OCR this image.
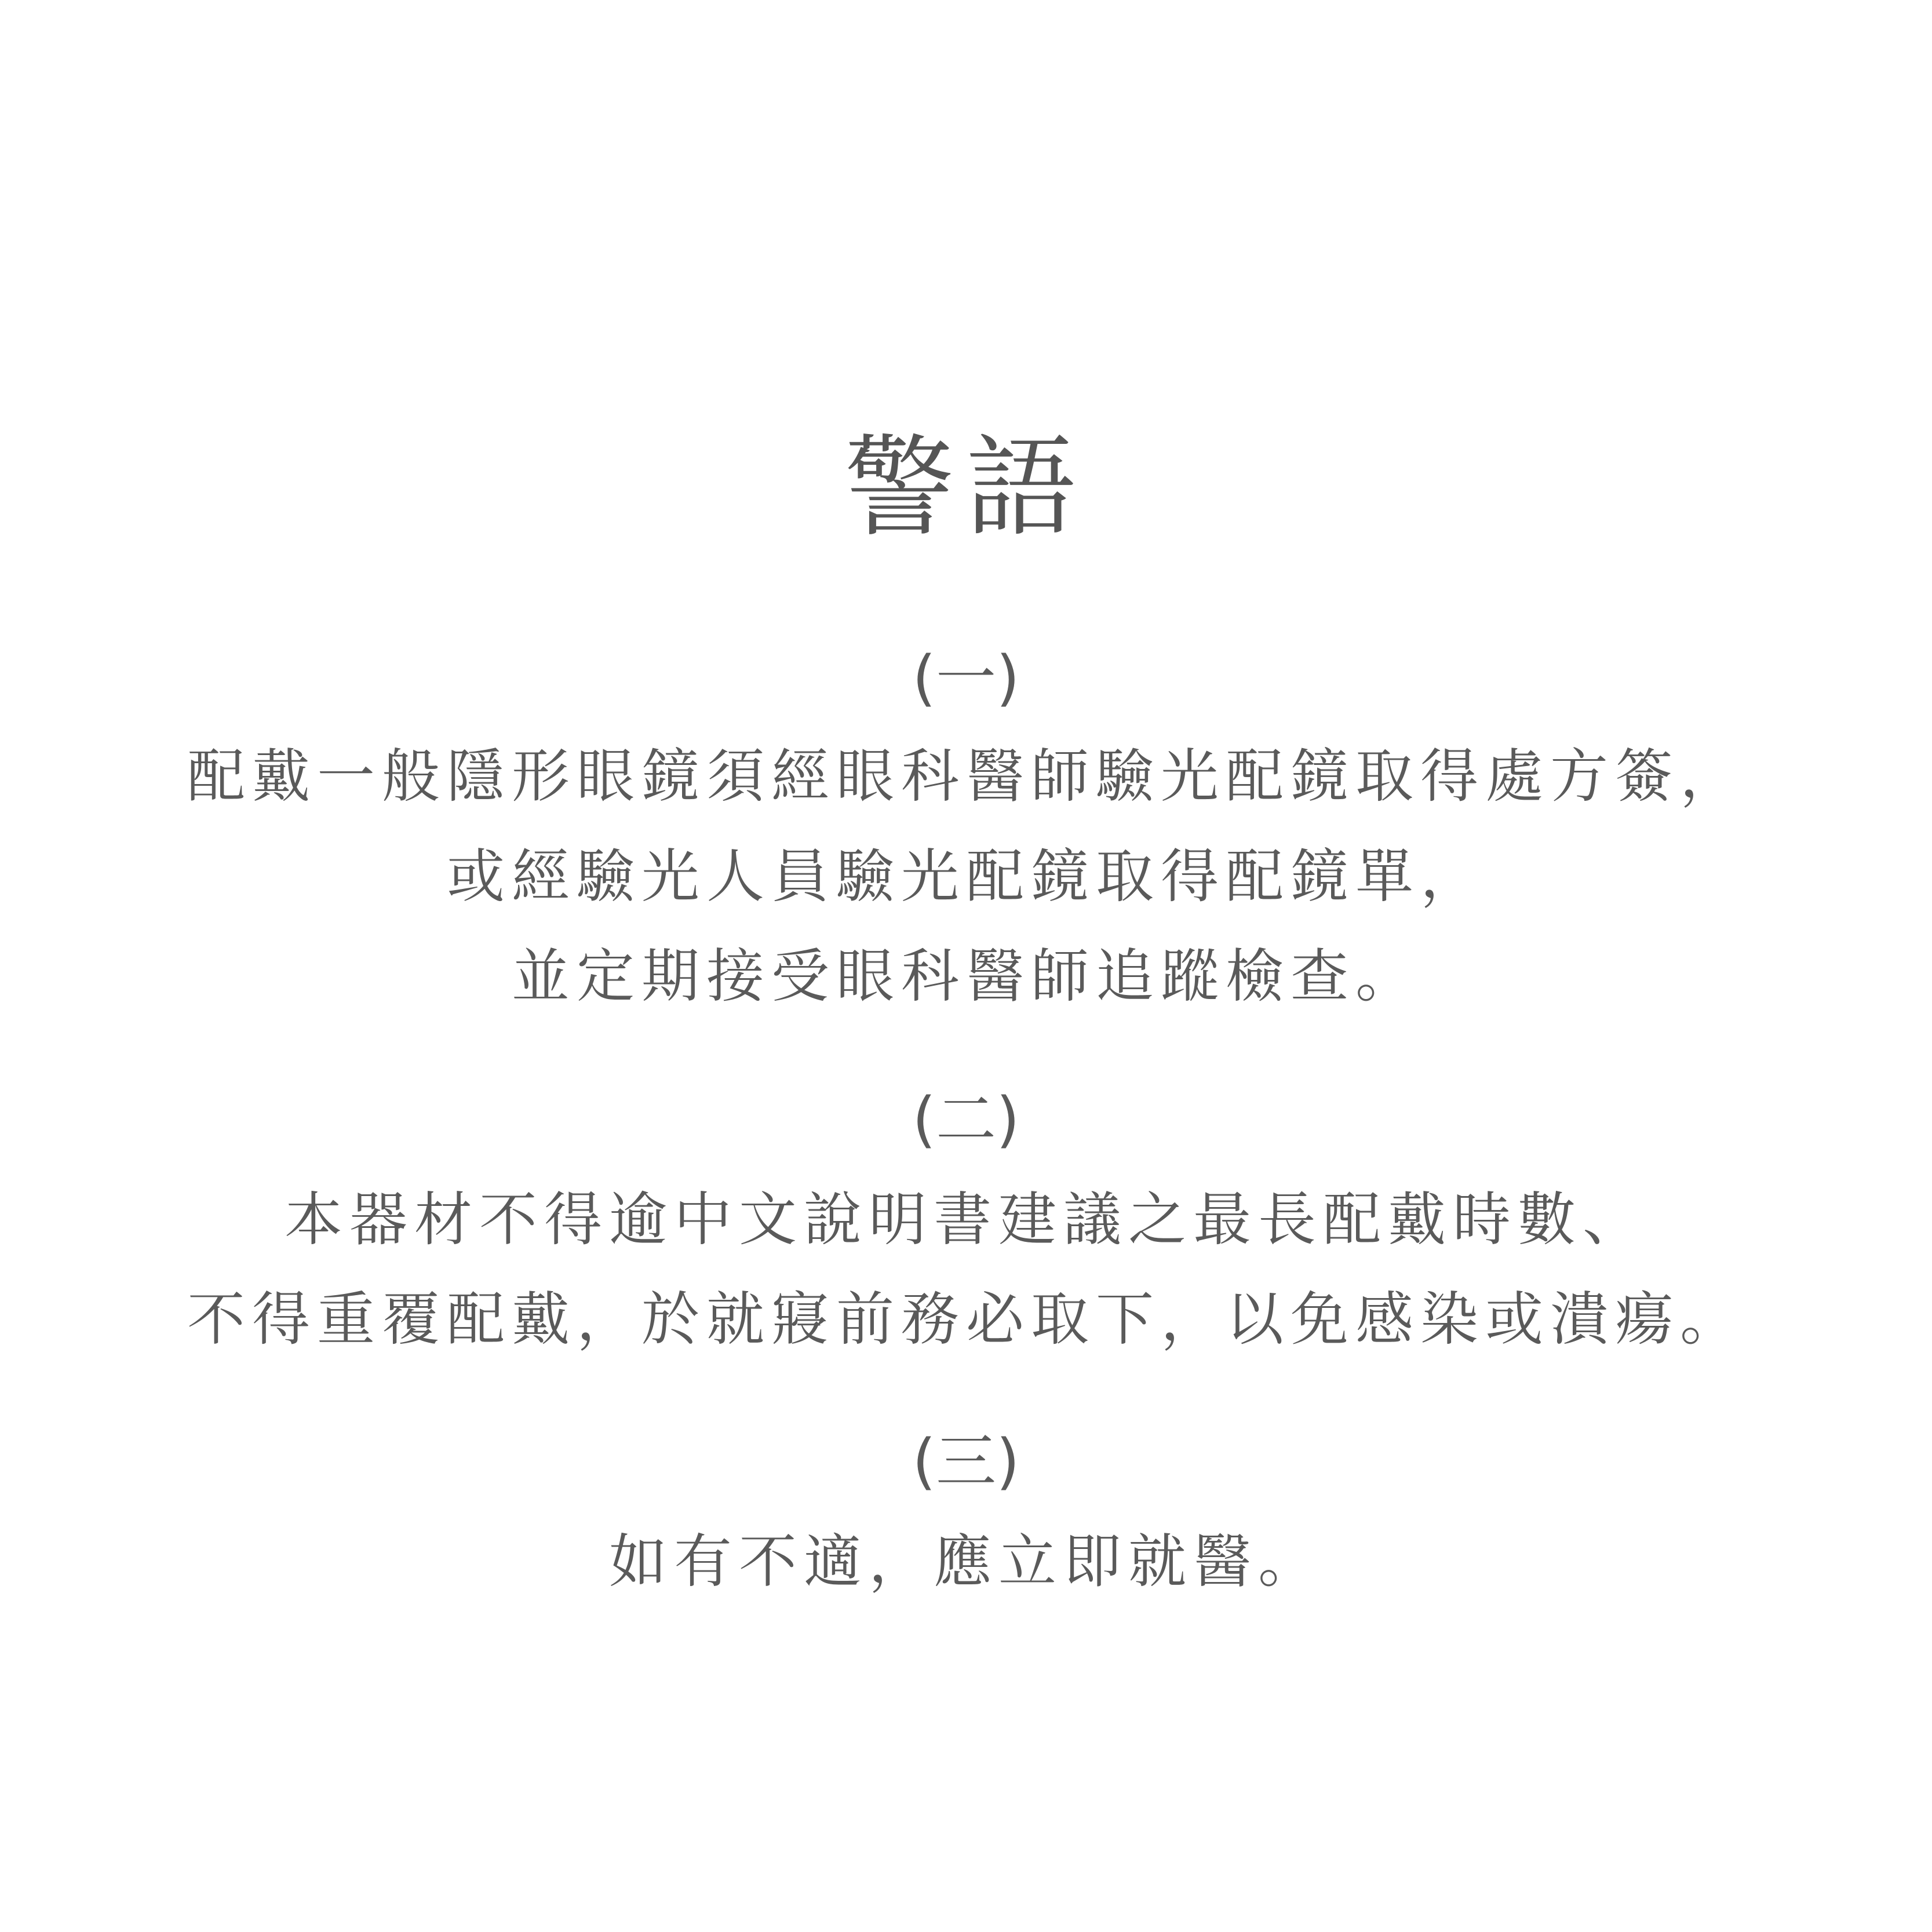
警語
(一)
配戴一般隱形眼鏡須經眼科醫師驗光配鏡取得處方簽，
或經驗光人員驗光配鏡取得配鏡單，
並定期接受眼科醫師追蹤檢查。
(二)
本器材不得逾中文說明書建議之最長配戴時數、
不得重覆配戴，於就寢前務必取下，以免感染或潰瘍。
(三)
如有不適，應立即就醫。
